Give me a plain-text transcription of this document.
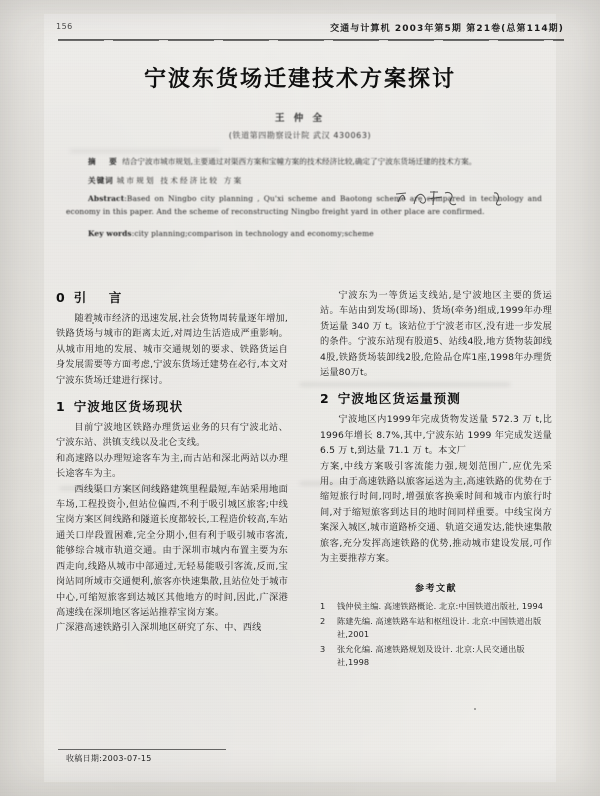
156	交通与计算机 2003年第5期 第21卷(总第114期)
宁波东货场迁建技术方案探讨
王 仲 全
(铁道第四勘察设计院 武汉 430063)
摘　要 结合宁波市城市规划,主要通过对渠西方案和宝幢方案的技术经济比较,确定了宁波东货场迁建的技术方案。
关键词 城市规划 技术经济比较 方案
Abstract:Based on Ningbo city planning , Qu'xi scheme and Baotong scheme are compared in technology and economy in this paper. And the scheme of reconstructing Ningbo freight yard in other place are confirmed.
Key words:city planning;comparison in technology and economy;scheme
0 引　言

随着城市经济的迅速发展,社会货物周转量逐年增加,铁路货场与城市的距离太近,对周边生活造成严重影响。从城市用地的发展、城市交通规划的要求、铁路货运自身发展需要等方面考虑,宁波东货场迁建势在必行,本文对宁波东货场迁建进行探讨。

1 宁波地区货场现状

目前宁波地区铁路办理货运业务的只有宁波北站、宁波东站、洪镇支线以及北仑支线。

和高速路以办理短途客车为主,而古站和深北两站以办理长途客车为主。

西线渠口方案区间线路建筑里程最短,车站采用地面车场,工程投资小,但站位偏西,不利于吸引城区旅客;中线宝岗方案区间线路和隧道长度都较长,工程造价较高,车站通关口岸段置困难,完全分期小,但有利于吸引城市客流,能够综合城市轨道交通。由于深圳市城内布置主要为东西走向,线路从城市中部通过,无轻易能吸引客流,反而,宝岗站同所域市交通便利,旅客亦快速集散,且站位处于城市中心,可缩短旅客到达城区其他地方的时间,因此,广深港高速线在深圳地区客运站推荐宝岗方案。

广深港高速铁路引入深圳地区研究了东、中、西线

宁波东为一等货运支线站,是宁波地区主要的货运站。车站由到发场(即场)、货场(牵务)组成,1999年办理货运量 340 万 t。该站位于宁波老市区,没有进一步发展的条件。宁波东站现有股道5、站线4股,地方货物装卸线4股,铁路货场装卸线2股,危险品仓库1座,1998年办理货运量80万t。

2 宁波地区货运量预测

宁波地区内1999年完成货物发送量 572.3 万 t,比1996年增长 8.7%,其中,宁波东站 1999 年完成发送量 6.5 万 t,到达量 71.1 万 t。本文厂

方案,中线方案吸引客流能力强,规划范围广,应优先采用。由于高速铁路以旅客运送为主,高速铁路的优势在于缩短旅行时间,同时,增强旅客换乘时间和城市内旅行时间,对于缩短旅客到达目的地时间同样重要。中线宝岗方案深入城区,城市道路桥交通、轨道交通发达,能快速集散旅客,充分发挥高速铁路的优势,推动城市建设发展,可作为主要推荐方案。

参考文献
1 钱仲侯主编. 高速铁路概论. 北京:中国铁道出版社, 1994
2 陈建先编. 高速铁路车站和枢纽设计. 北京:中国铁道出版社,2001
3 张允化编. 高速铁路规划及设计. 北京:人民交通出版社,1998
收稿日期:2003-07-15
